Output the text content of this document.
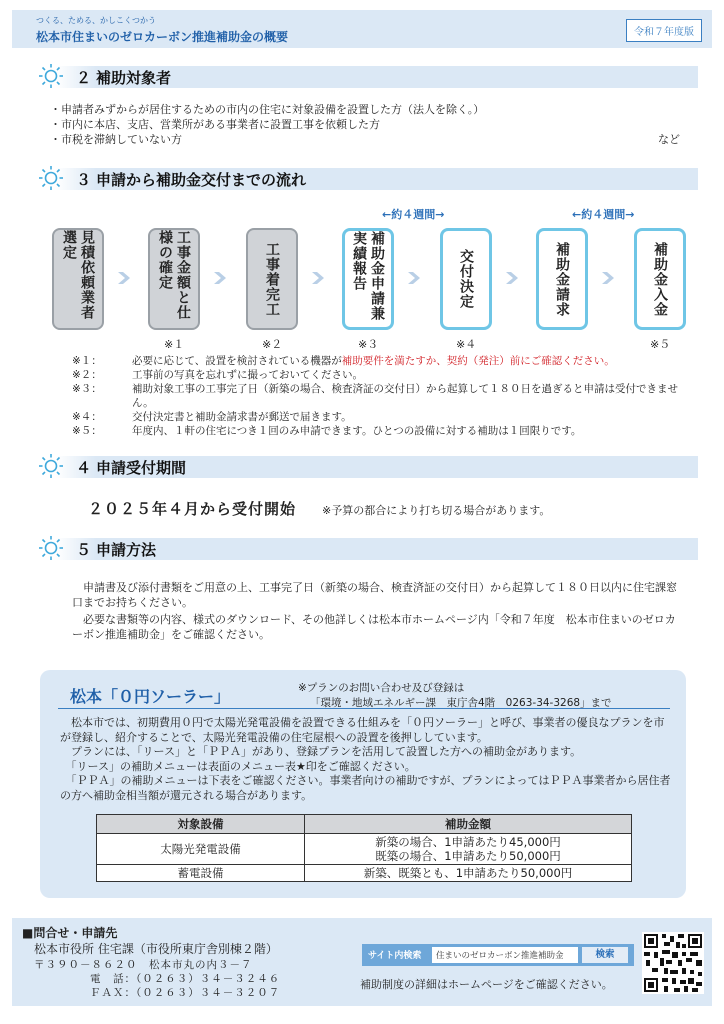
つくる、ためる、かしこくつかう
松本市住まいのゼロカーボン推進補助金の概要	令和７年度版
２ 補助対象者
・申請者みずからが居住するための市内の住宅に対象設備を設置した方（法人を除く。）
・市内に本店、支店、営業所がある事業者に設置工事を依頼した方
・市税を滞納していない方	など
３ 申請から補助金交付までの流れ
←約４週間→	←約４週間→
見積依頼業者選定	工事金額と仕様の確定	工事着完工	補助金申請兼実績報告	交付決定	補助金請求	補助金入金
※１	※２	※３	※４	※５
※１：	必要に応じて、設置を検討されている機器が補助要件を満たすか、契約（発注）前にご確認ください。
※２：	工事前の写真を忘れずに撮っておいてください。
※３：	補助対象工事の工事完了日（新築の場合、検査済証の交付日）から起算して１８０日を過ぎると申請は受付できません。
※４：	交付決定書と補助金請求書が郵送で届きます。
※５：	年度内、１軒の住宅につき１回のみ申請できます。ひとつの設備に対する補助は１回限りです。
４ 申請受付期間
２０２５年４月から受付開始 ※予算の都合により打ち切る場合があります。
５ 申請方法
　申請書及び添付書類をご用意の上、工事完了日（新築の場合、検査済証の交付日）から起算して１８０日以内に住宅課窓口までお持ちください。
　必要な書類等の内容、様式のダウンロード、その他詳しくは松本市ホームページ内「令和７年度　松本市住まいのゼロカーボン推進補助金」をご確認ください。
松本「０円ソーラー」	※プランのお問い合わせ及び登録は
「環境・地域エネルギー課　東庁舎4階　0263-34-3268」まで
　松本市では、初期費用０円で太陽光発電設備を設置できる仕組みを「０円ソーラー」と呼び、事業者の優良なプランを市が登録し、紹介することで、太陽光発電設備の住宅屋根への設置を後押ししています。
　プランには、「リース」と「ＰＰＡ」があり、登録プランを活用して設置した方への補助金があります。
　「リース」の補助メニューは表面のメニュー表★印をご確認ください。
　「ＰＰＡ」の補助メニューは下表をご確認ください。事業者向けの補助ですが、プランによってはＰＰＡ事業者から居住者の方へ補助金相当額が還元される場合があります。
対象設備	補助金額
太陽光発電設備	新築の場合、1申請あたり45,000円
既築の場合、1申請あたり50,000円

蓄電設備	新築、既築とも、1申請あたり50,000円
■問合せ・申請先
松本市役所 住宅課（市役所東庁舎別棟２階）
〒３９０－８６２０　松本市丸の内３－７
電　話：（０２６３）３４－３２４６
ＦＡＸ：（０２６３）３４－３２０７
サイト内検索	住まいのゼロカーボン推進補助金	検索
補助制度の詳細はホームページをご確認ください。
